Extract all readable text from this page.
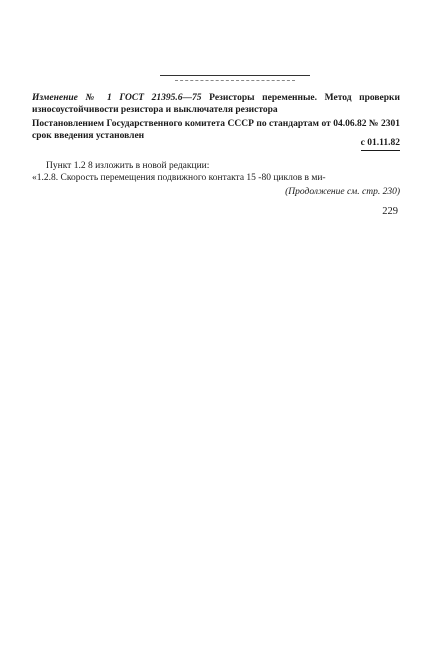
Изменение № 1 ГОСТ 21395.6—75 Резисторы переменные. Метод проверки износоустойчивости резистора и выключателя резистора
Постановлением Государственного комитета СССР по стандартам от 04.06.82 № 2301 срок введения установлен
с 01.11.82
Пункт 1.2 8 изложить в новой редакции:
«1.2.8. Скорость перемещения подвижного контакта 15 -80 циклов в ми-
(Продолжение см. стр. 230)
229
